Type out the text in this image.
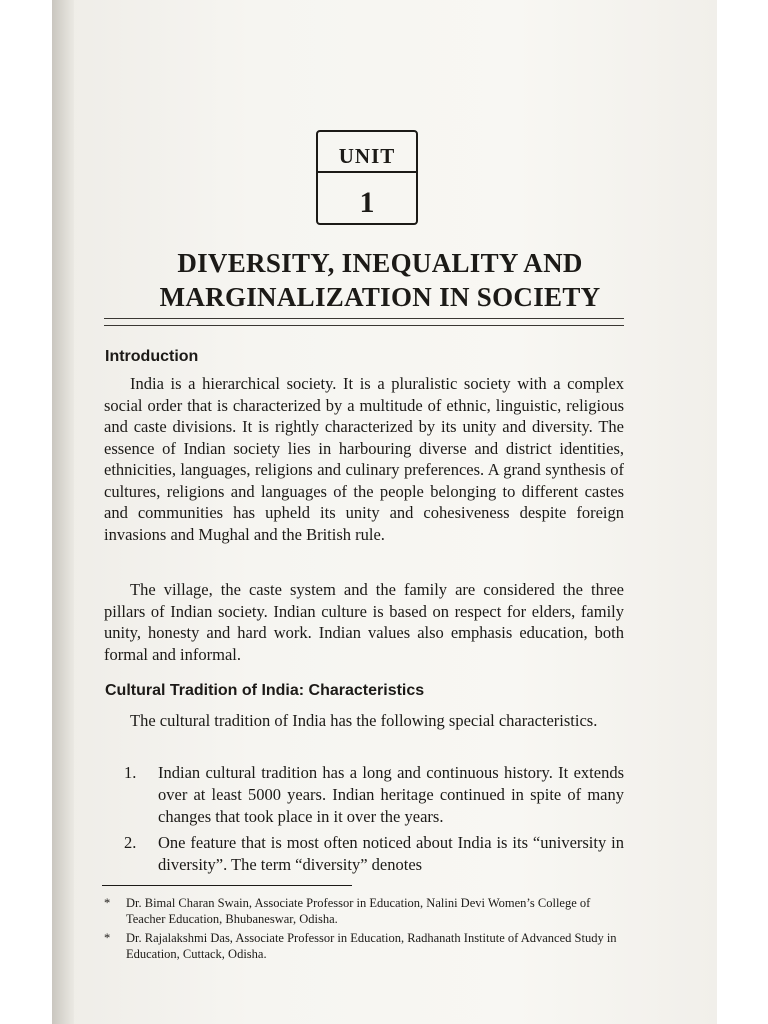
UNIT
1
DIVERSITY, INEQUALITY AND
MARGINALIZATION IN SOCIETY
Introduction
India is a hierarchical society. It is a pluralistic society with a complex social order that is characterized by a multitude of ethnic, linguistic, religious and caste divisions. It is rightly characterized by its unity and diversity. The essence of Indian society lies in harbouring diverse and district identities, ethnicities, languages, religions and culinary preferences. A grand synthesis of cultures, religions and languages of the people belonging to different castes and communities has upheld its unity and cohesiveness despite foreign invasions and Mughal and the British rule.
The village, the caste system and the family are considered the three pillars of Indian society. Indian culture is based on respect for elders, family unity, honesty and hard work. Indian values also emphasis education, both formal and informal.
Cultural Tradition of India: Characteristics
The cultural tradition of India has the following special characteristics.
1. Indian cultural tradition has a long and continuous history. It extends over at least 5000 years. Indian heritage continued in spite of many changes that took place in it over the years.
2. One feature that is most often noticed about India is its “university in diversity”. The term “diversity” denotes
* Dr. Bimal Charan Swain, Associate Professor in Education, Nalini Devi Women’s College of Teacher Education, Bhubaneswar, Odisha.
* Dr. Rajalakshmi Das, Associate Professor in Education, Radhanath Institute of Advanced Study in Education, Cuttack, Odisha.
